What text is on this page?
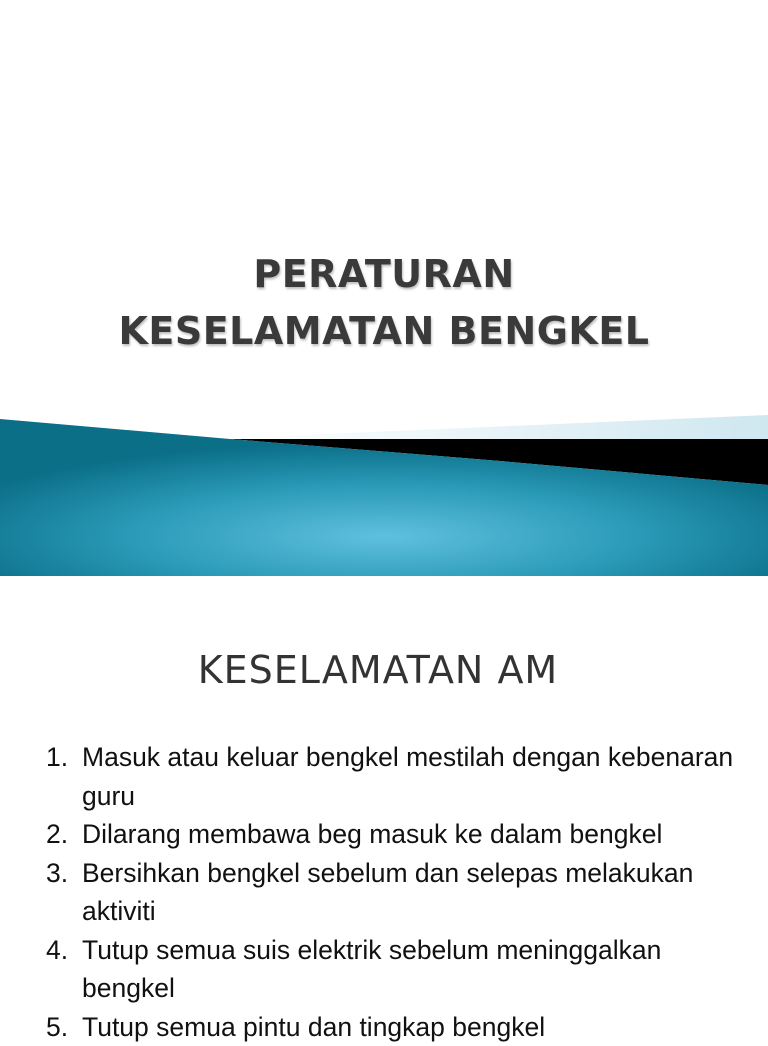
PERATURAN
KESELAMATAN BENGKEL
KESELAMATAN AM
1. Masuk atau keluar bengkel mestilah dengan kebenaran guru
2. Dilarang membawa beg masuk ke dalam bengkel
3. Bersihkan bengkel sebelum dan selepas melakukan aktiviti
4. Tutup semua suis elektrik sebelum meninggalkan bengkel
5. Tutup semua pintu dan tingkap bengkel
